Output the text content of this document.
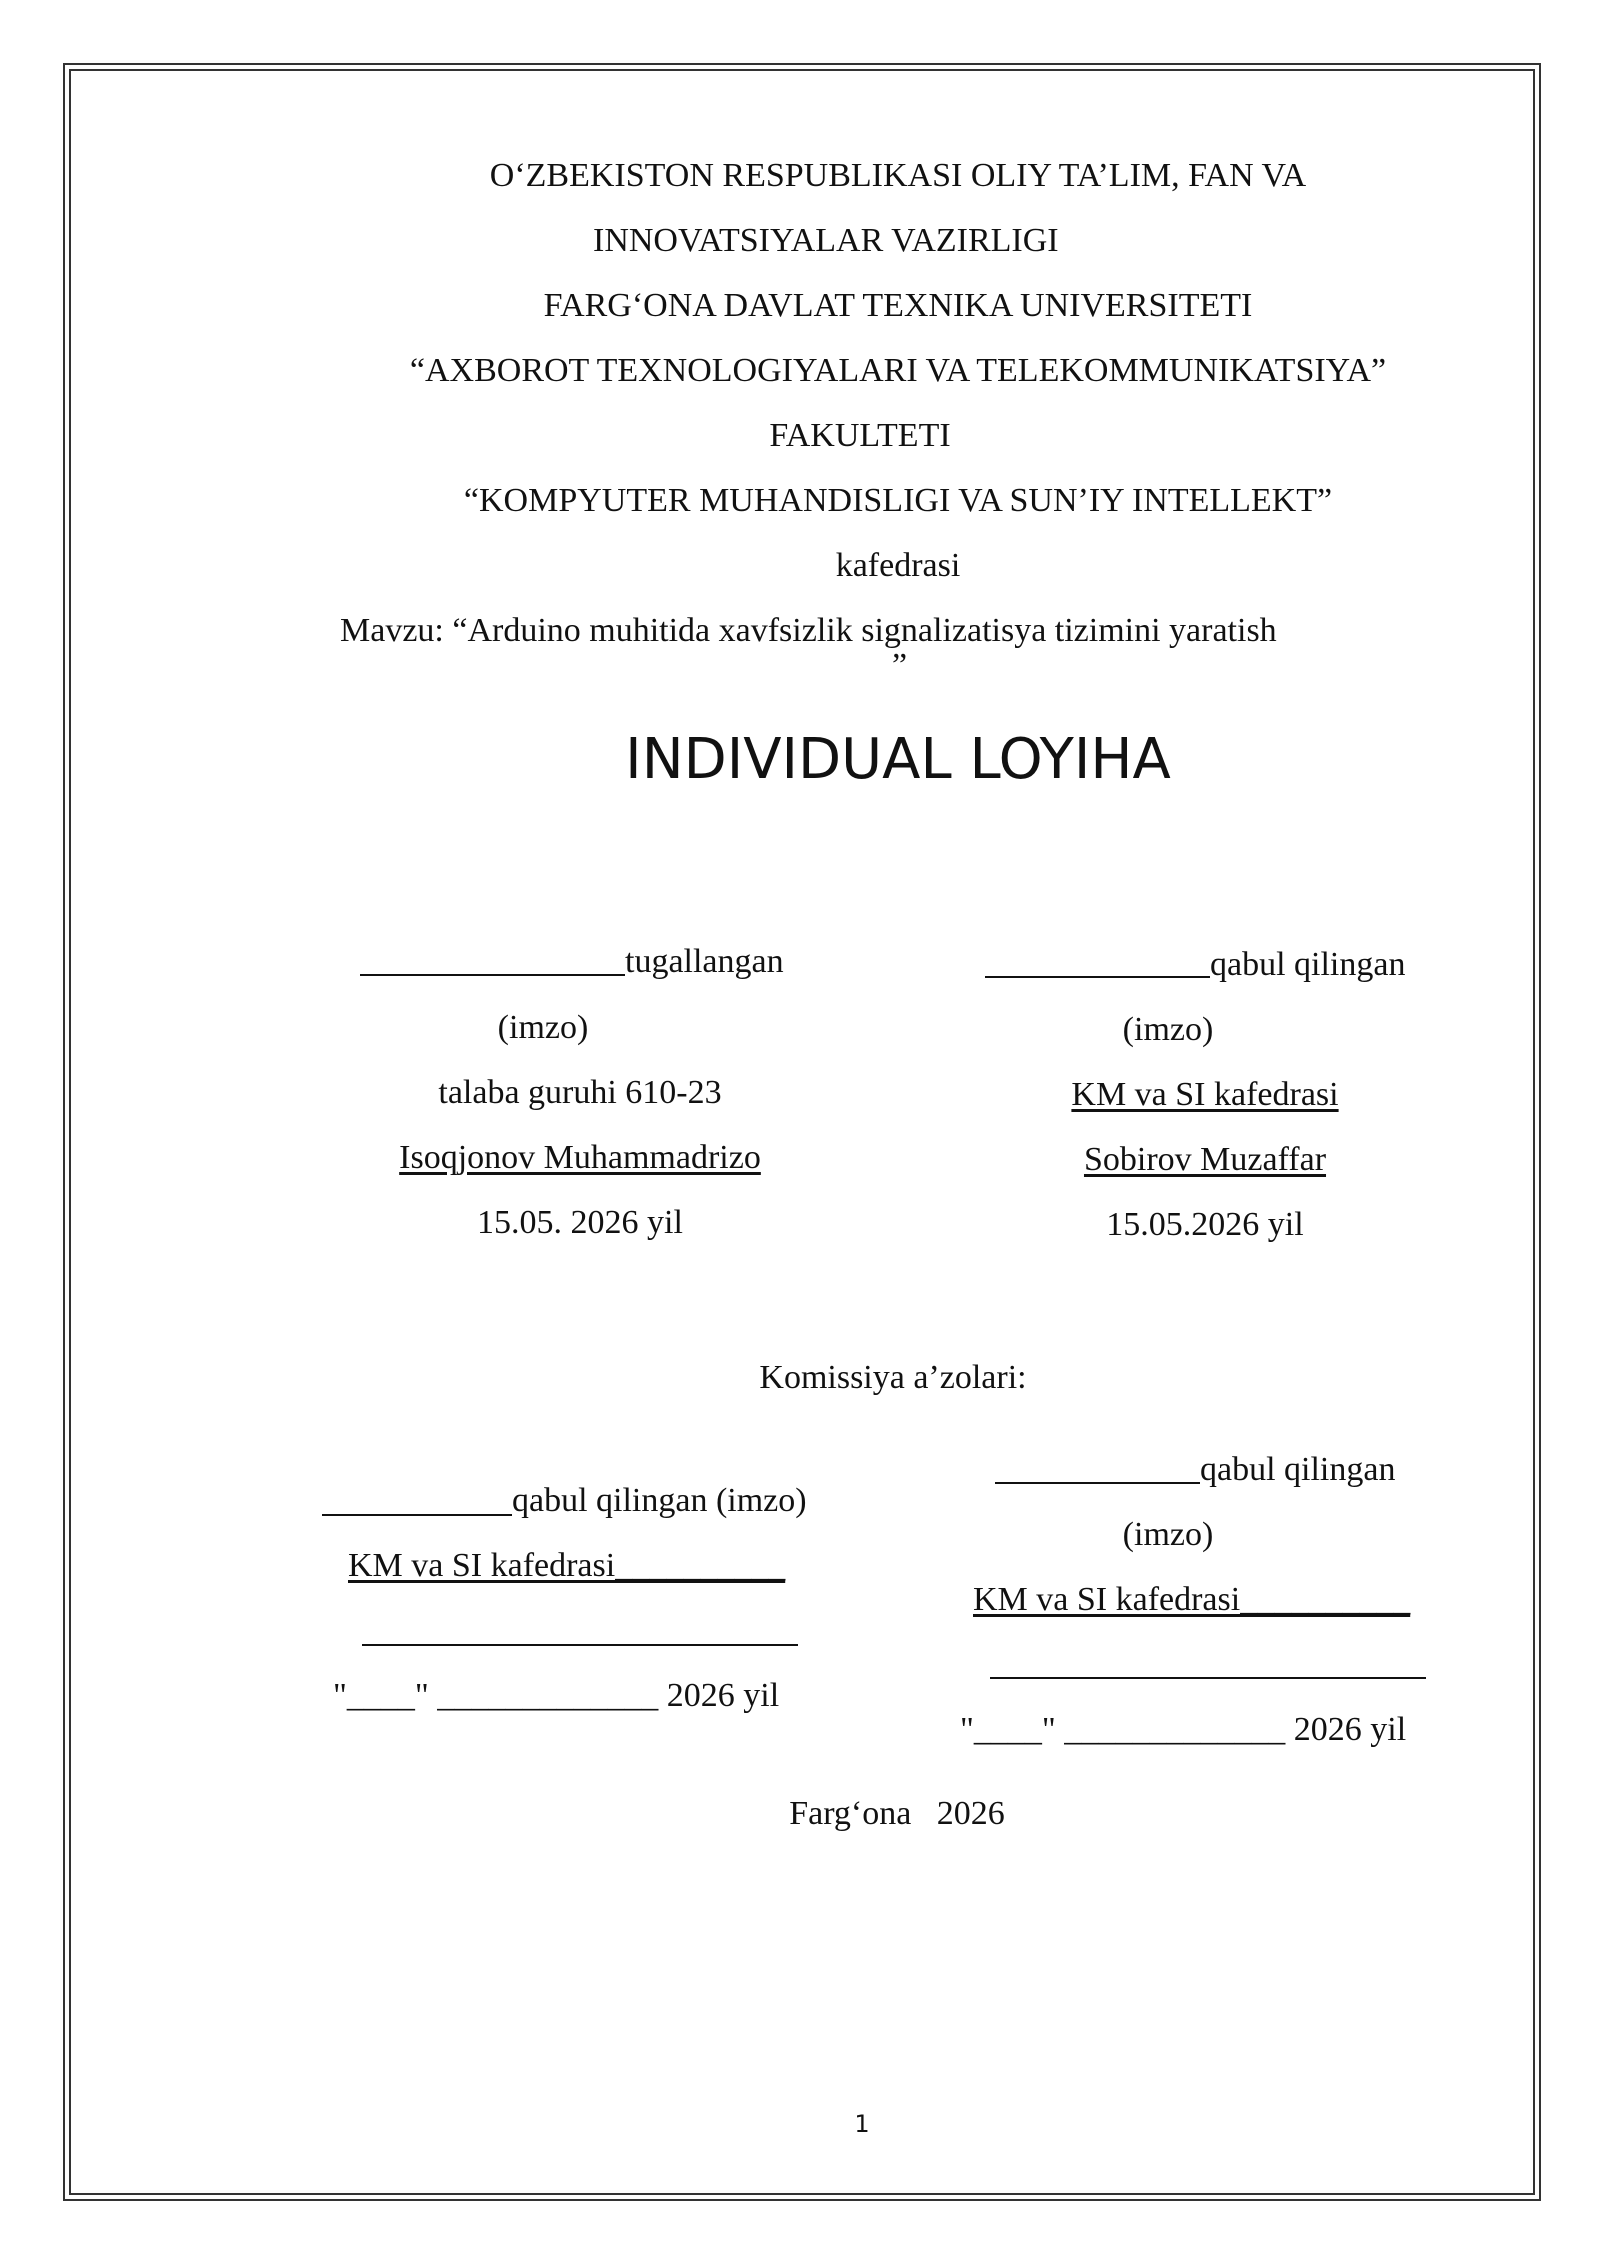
O‘ZBEKISTON RESPUBLIKASI OLIY TA’LIM, FAN VA
INNOVATSIYALAR VAZIRLIGI
FARG‘ONA DAVLAT TEXNIKA UNIVERSITETI
“AXBOROT TEXNOLOGIYALARI VA TELEKOMMUNIKATSIYA”
FAKULTETI
“KOMPYUTER MUHANDISLIGI VA SUN’IY INTELLEKT”
kafedrasi
Mavzu: “Arduino muhitida xavfsizlik signalizatisya tizimini yaratish
”
INDIVIDUAL LOYIHA
tugallangan
(imzo)
talaba guruhi 610-23
Isoqjonov Muhammadrizo
15.05. 2026 yil
qabul qilingan
(imzo)
KM va SI kafedrasi
Sobirov Muzaffar
15.05.2026 yil
Komissiya a’zolari:
qabul qilingan (imzo)
KM va SI kafedrasi__________
"____" _____________ 2026 yil
qabul qilingan
(imzo)
KM va SI kafedrasi__________
"____" _____________ 2026 yil
Farg‘ona   2026
1
